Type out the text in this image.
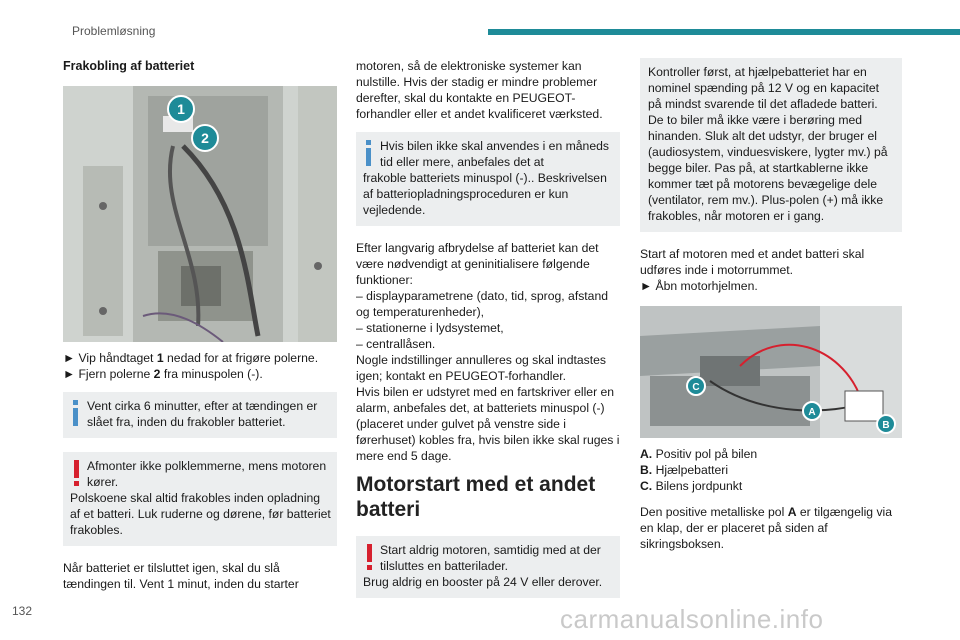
Problemløsning
Frakobling af batteriet
1
2
► Vip håndtaget 1 nedad for at frigøre polerne.
► Fjern polerne 2 fra minuspolen (-).
Vent cirka 6 minutter, efter at tændingen er slået fra, inden du frakobler batteriet.
Afmonter ikke polklemmerne, mens motoren kører.
Polskoene skal altid frakobles inden opladning af et batteri. Luk ruderne og dørene, før batteriet frakobles.

Når batteriet er tilsluttet igen, skal du slå tændingen til. Vent 1 minut, inden du starter

motoren, så de elektroniske systemer kan nulstille. Hvis der stadig er mindre problemer derefter, skal du kontakte en PEUGEOT-forhandler eller et andet kvalificeret værksted.

Hvis bilen ikke skal anvendes i en måneds tid eller mere, anbefales det at
frakoble batteriets minuspol (-).. Beskrivelsen af batteriopladningsproceduren er kun vejledende.

Efter langvarig afbrydelse af batteriet kan det være nødvendigt at geninitialisere følgende funktioner:

– displayparametrene (dato, tid, sprog, afstand og temperaturenheder),
– stationerne i lydsystemet,
– centrallåsen.
Nogle indstillinger annulleres og skal indtastes igen; kontakt en PEUGEOT-forhandler.
Hvis bilen er udstyret med en fartskriver eller en alarm, anbefales det, at batteriets minuspol (-) (placeret under gulvet på venstre side i førerhuset) kobles fra, hvis bilen ikke skal ruges i mere end 5 dage.
Motorstart med et andet batteri
Start aldrig motoren, samtidig med at der tilsluttes en batterilader.
Brug aldrig en booster på 24 V eller derover.
Kontroller først, at hjælpebatteriet har en nominel spænding på 12 V og en kapacitet på mindst svarende til det afladede batteri. De to biler må ikke være i berøring med hinanden. Sluk alt det udstyr, der bruger el (audiosystem, vinduesviskere, lygter mv.) på begge biler. Pas på, at startkablerne ikke kommer tæt på motorens bevægelige dele (ventilator, rem mv.). Plus-polen (+) må ikke frakobles, når motoren er i gang.

Start af motoren med et andet batteri skal udføres inde i motorrummet.

► Åbn motorhjelmen.
C
A
B
A. Positiv pol på bilen
B. Hjælpebatteri
C. Bilens jordpunkt

Den positive metalliske pol A er tilgængelig via en klap, der er placeret på siden af sikringsboksen.

132	carmanualsonline.info
